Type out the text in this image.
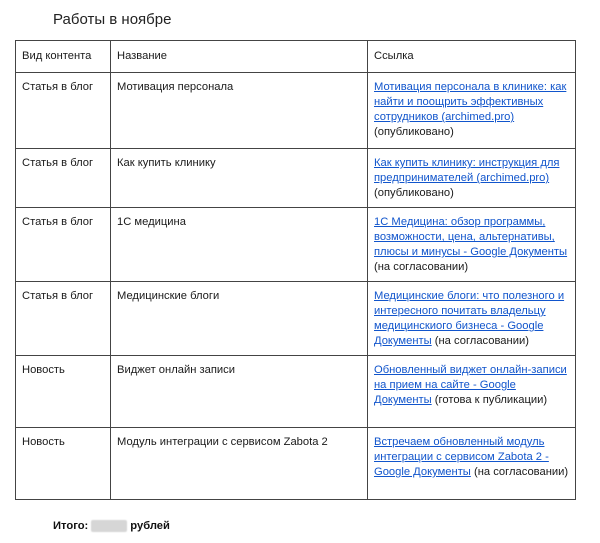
Работы в ноябре
Вид контента	Название	Ссылка
Статья в блог	Мотивация персонала	Мотивация персонала в клинике: как найти и поощрить эффективных сотрудников (archimed.pro)
(опубликовано)
Статья в блог	Как купить клинику	Как купить клинику: инструкция для предпринимателей (archimed.pro)(опубликовано)
Статья в блог	1С медицина	1С Медицина: обзор программы, возможности, цена, альтернативы, плюсы и минусы - Google Документы (на согласовании)
Статья в блог	Медицинские блоги	Медицинские блоги: что полезного и интересного почитать владельцу медицинскиого бизнеса - Google Документы (на согласовании)
Новость	Виджет онлайн записи	Обновленный виджет онлайн-записи на прием на сайте - Google Документы (готова к публикации)
Новость	Модуль интеграции с сервисом Zabota 2	Встречаем обновленный модуль интеграции с сервисом Zabota 2 - Google Документы (на согласовании)
Итого:	рублей
